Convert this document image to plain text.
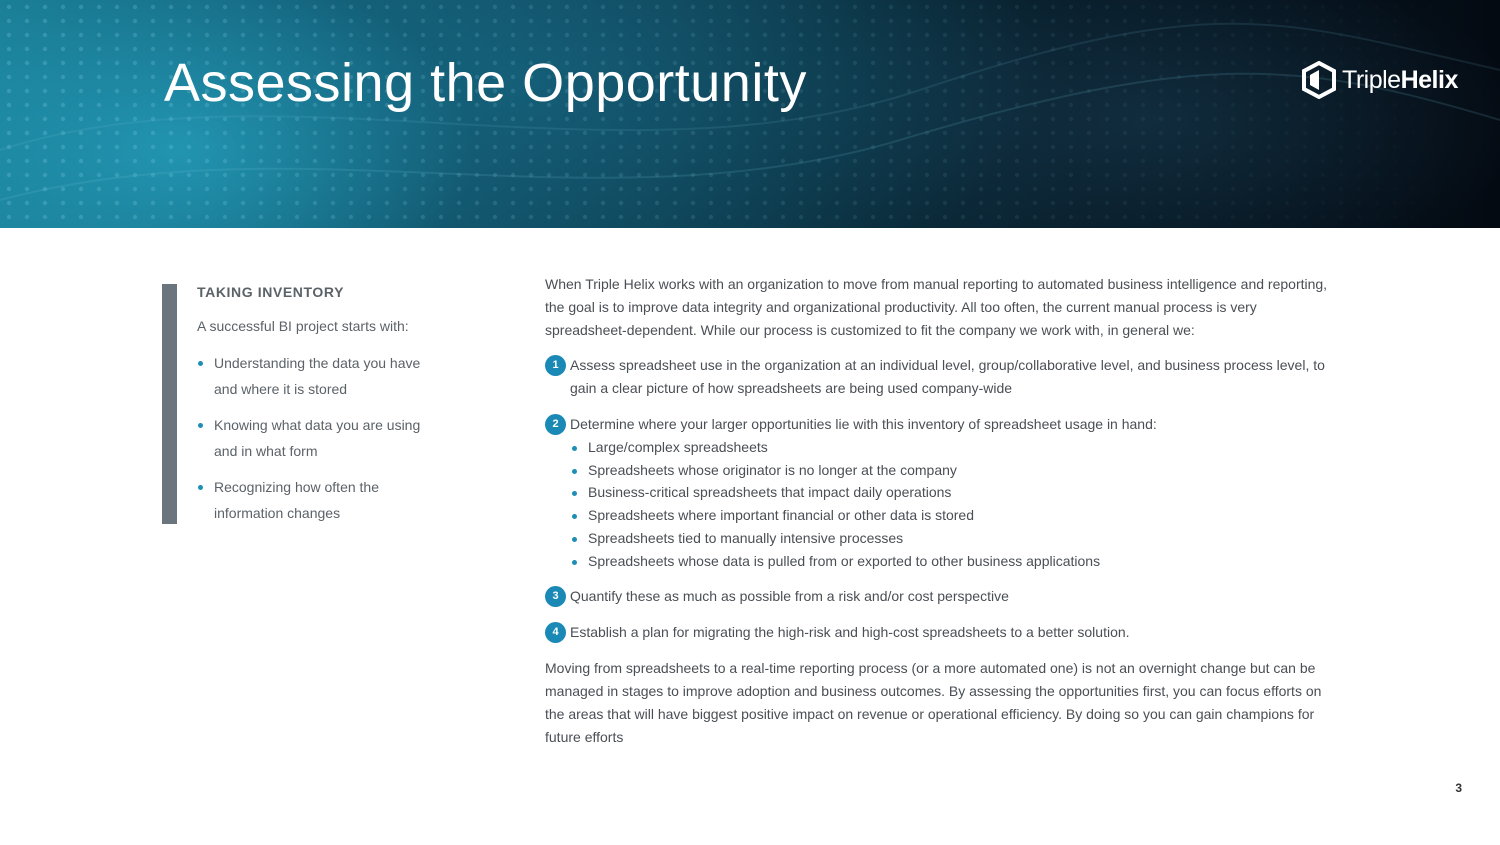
Assessing the Opportunity	TripleHelix
TAKING INVENTORY
A successful BI project starts with:
Understanding the data you have
and where it is stored
Knowing what data you are using
and in what form
Recognizing how often the
information changes

When Triple Helix works with an organization to move from manual reporting to automated business intelligence and reporting, the goal is to improve data integrity and organizational productivity. All too often, the current manual process is very spreadsheet-dependent. While our process is customized to fit the company we work with, in general we:

1 Assess spreadsheet use in the organization at an individual level, group/collaborative level, and business process level, to gain a clear picture of how spreadsheets are being used company-wide
2 Determine where your larger opportunities lie with this inventory of spreadsheet usage in hand:
Large/complex spreadsheets
Spreadsheets whose originator is no longer at the company
Business-critical spreadsheets that impact daily operations
Spreadsheets where important financial or other data is stored
Spreadsheets tied to manually intensive processes
Spreadsheets whose data is pulled from or exported to other business applications
3 Quantify these as much as possible from a risk and/or cost perspective
4 Establish a plan for migrating the high-risk and high-cost spreadsheets to a better solution.

Moving from spreadsheets to a real-time reporting process (or a more automated one) is not an overnight change but can be managed in stages to improve adoption and business outcomes. By assessing the opportunities first, you can focus efforts on the areas that will have biggest positive impact on revenue or operational efficiency. By doing so you can gain champions for future efforts

3
